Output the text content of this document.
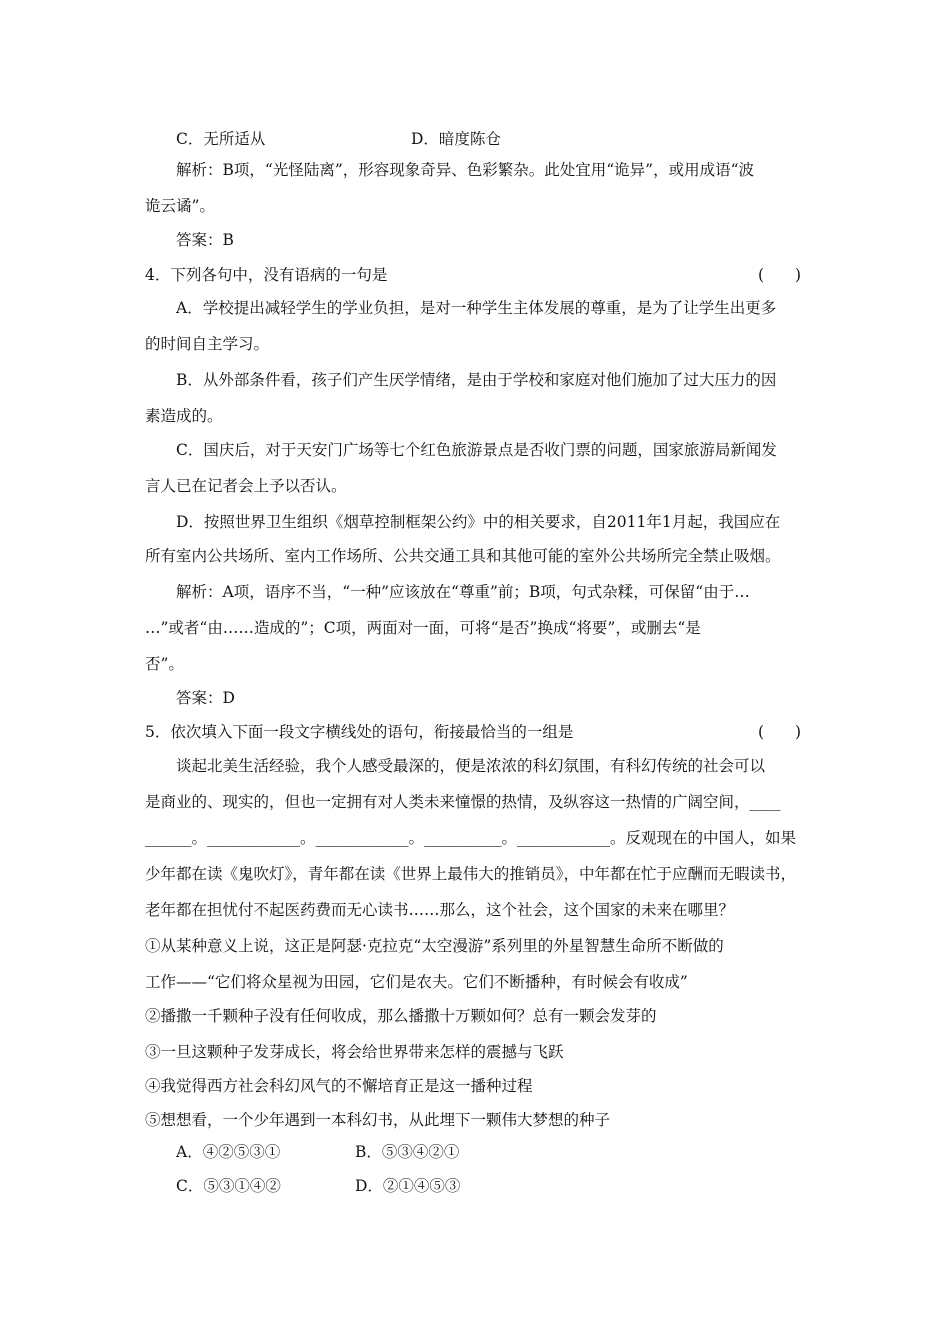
C．无所适从	D．暗度陈仓
解析：B项，“光怪陆离”，形容现象奇异、色彩繁杂。此处宜用“诡异”，或用成语“波
诡云谲”。
答案：B
4．下列各句中，没有语病的一句是	(　　)
A．学校提出减轻学生的学业负担，是对一种学生主体发展的尊重，是为了让学生出更多
的时间自主学习。
B．从外部条件看，孩子们产生厌学情绪，是由于学校和家庭对他们施加了过大压力的因
素造成的。
C．国庆后，对于天安门广场等七个红色旅游景点是否收门票的问题，国家旅游局新闻发
言人已在记者会上予以否认。
D．按照世界卫生组织《烟草控制框架公约》中的相关要求，自2011年1月起，我国应在
所有室内公共场所、室内工作场所、公共交通工具和其他可能的室外公共场所完全禁止吸烟。
解析：A项，语序不当，“一种”应该放在“尊重”前；B项，句式杂糅，可保留“由于…
…”或者“由……造成的”；C项，两面对一面，可将“是否”换成“将要”，或删去“是
否”。
答案：D
5．依次填入下面一段文字横线处的语句，衔接最恰当的一组是	(　　)
谈起北美生活经验，我个人感受最深的，便是浓浓的科幻氛围，有科幻传统的社会可以
是商业的、现实的，但也一定拥有对人类未来憧憬的热情，及纵容这一热情的广阔空间，____
______。____________。____________。__________。____________。反观现在的中国人，如果
少年都在读《鬼吹灯》，青年都在读《世界上最伟大的推销员》，中年都在忙于应酬而无暇读书，
老年都在担忧付不起医药费而无心读书……那么，这个社会，这个国家的未来在哪里？
①从某种意义上说，这正是阿瑟·克拉克“太空漫游”系列里的外星智慧生命所不断做的
工作——“它们将众星视为田园，它们是农夫。它们不断播种，有时候会有收成”
②播撒一千颗种子没有任何收成，那么播撒十万颗如何？总有一颗会发芽的
③一旦这颗种子发芽成长，将会给世界带来怎样的震撼与飞跃
④我觉得西方社会科幻风气的不懈培育正是这一播种过程
⑤想想看，一个少年遇到一本科幻书，从此埋下一颗伟大梦想的种子
A．④②⑤③①	B．⑤③④②①
C．⑤③①④②	D．②①④⑤③
